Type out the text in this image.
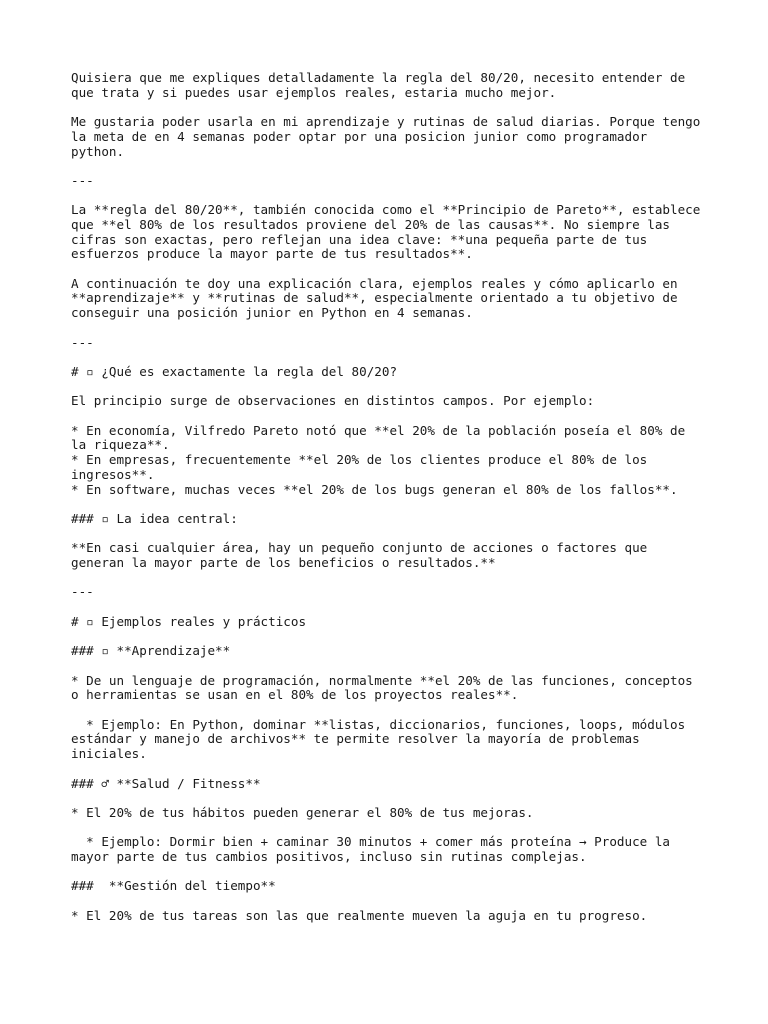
Quisiera que me expliques detalladamente la regla del 80/20, necesito entender de
que trata y si puedes usar ejemplos reales, estaria mucho mejor.
Me gustaria poder usarla en mi aprendizaje y rutinas de salud diarias. Porque tengo
la meta de en 4 semanas poder optar por una posicion junior como programador
python.
---
La **regla del 80/20**, también conocida como el **Principio de Pareto**, establece
que **el 80% de los resultados proviene del 20% de las causas**. No siempre las
cifras son exactas, pero reflejan una idea clave: **una pequeña parte de tus
esfuerzos produce la mayor parte de tus resultados**.
A continuación te doy una explicación clara, ejemplos reales y cómo aplicarlo en
**aprendizaje** y **rutinas de salud**, especialmente orientado a tu objetivo de
conseguir una posición junior en Python en 4 semanas.
---
# ▫ ¿Qué es exactamente la regla del 80/20?
El principio surge de observaciones en distintos campos. Por ejemplo:
* En economía, Vilfredo Pareto notó que **el 20% de la población poseía el 80% de
la riqueza**.
* En empresas, frecuentemente **el 20% de los clientes produce el 80% de los
ingresos**.
* En software, muchas veces **el 20% de los bugs generan el 80% de los fallos**.
### ▫ La idea central:
**En casi cualquier área, hay un pequeño conjunto de acciones o factores que
generan la mayor parte de los beneficios o resultados.**
---
# ▫ Ejemplos reales y prácticos
### ▫ **Aprendizaje**
* De un lenguaje de programación, normalmente **el 20% de las funciones, conceptos
o herramientas se usan en el 80% de los proyectos reales**.
* Ejemplo: En Python, dominar **listas, diccionarios, funciones, loops, módulos
estándar y manejo de archivos** te permite resolver la mayoría de problemas
iniciales.
### ♂ **Salud / Fitness**
* El 20% de tus hábitos pueden generar el 80% de tus mejoras.
* Ejemplo: Dormir bien + caminar 30 minutos + comer más proteína → Produce la
mayor parte de tus cambios positivos, incluso sin rutinas complejas.
###  **Gestión del tiempo**
* El 20% de tus tareas son las que realmente mueven la aguja en tu progreso.
